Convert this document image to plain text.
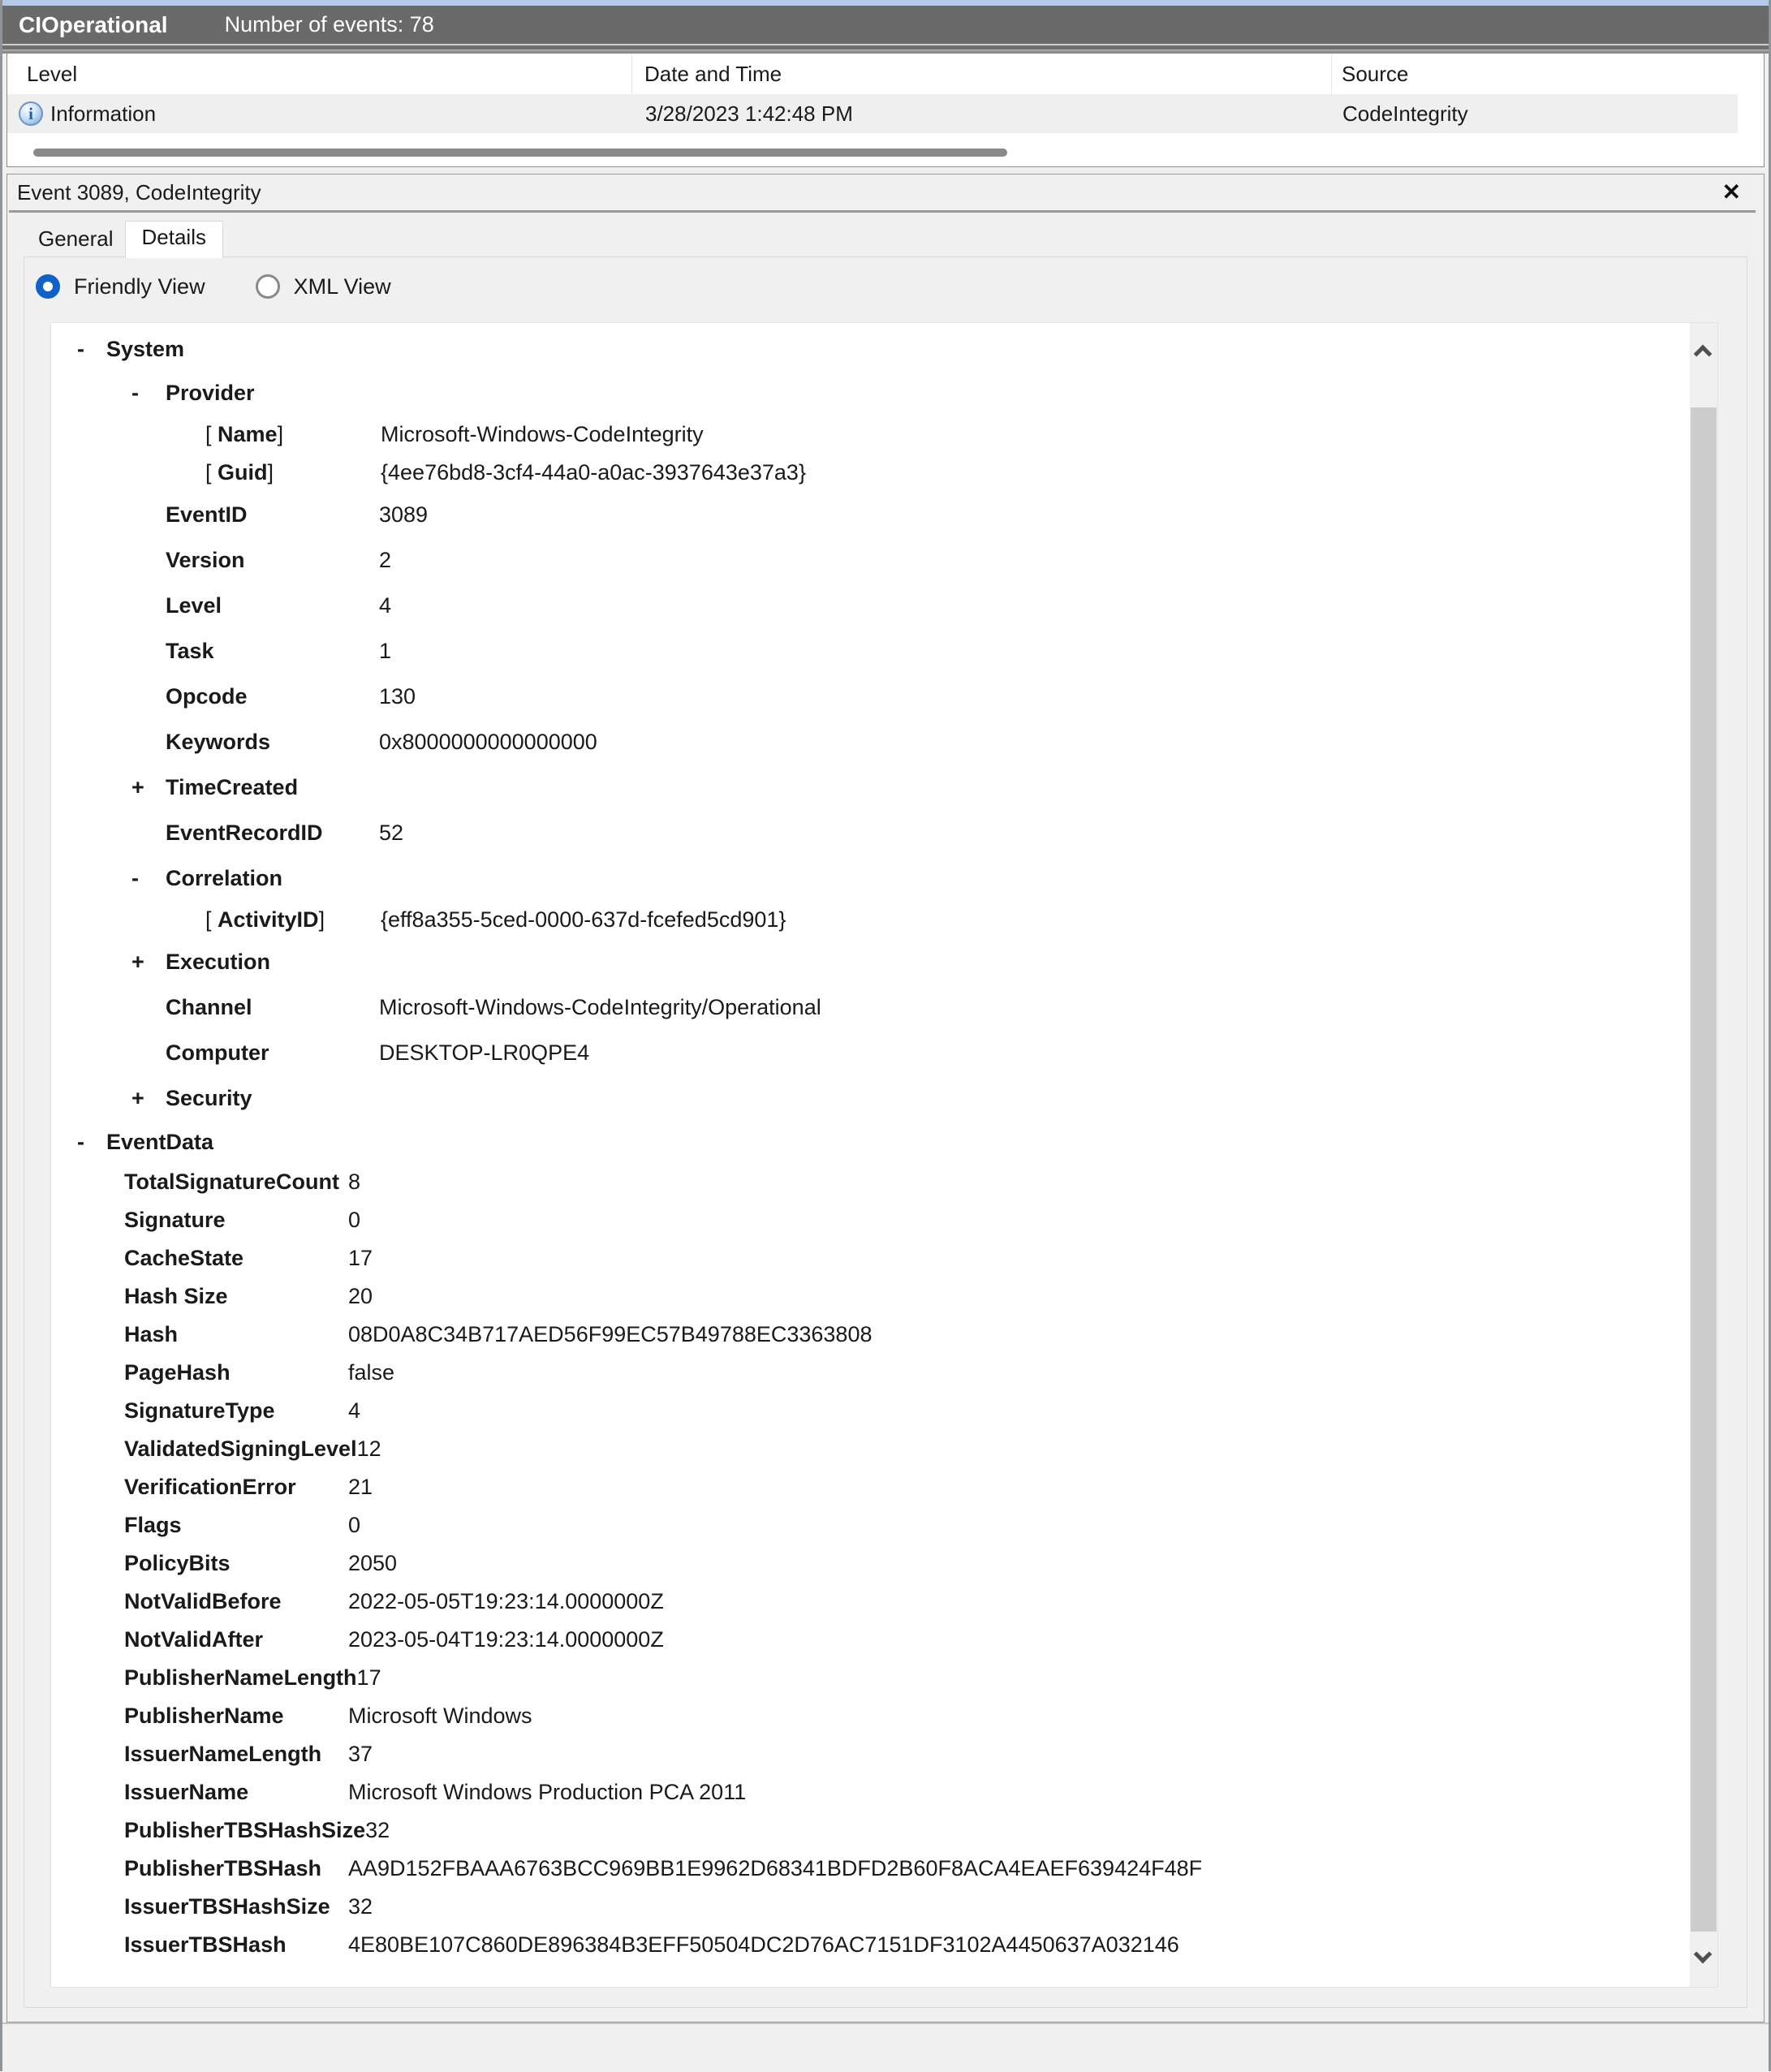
CIOperational	Number of events: 78
Level	Date and Time	Source
i Information	3/28/2023 1:42:48 PM	CodeIntegrity
Event 3089, CodeIntegrity	✕
General	Details
Friendly View	XML View
-	System
-	Provider
[ Name]	Microsoft-Windows-CodeIntegrity
[ Guid]	{4ee76bd8-3cf4-44a0-a0ac-3937643e37a3}
EventID	3089
Version	2
Level	4
Task	1
Opcode	130
Keywords	0x8000000000000000
+ TimeCreated
EventRecordID	52
-	Correlation
[ ActivityID]	{eff8a355-5ced-0000-637d-fcefed5cd901}
+ Execution
Channel	Microsoft-Windows-CodeIntegrity/Operational
Computer	DESKTOP-LR0QPE4
+ Security
-	EventData
TotalSignatureCount 8
Signature	0
CacheState	17
Hash Size	20
Hash	08D0A8C34B717AED56F99EC57B49788EC3363808
PageHash	false
SignatureType	4
ValidatedSigningLevel 12
VerificationError	21
Flags	0
PolicyBits	2050
NotValidBefore	2022-05-05T19:23:14.0000000Z
NotValidAfter	2023-05-04T19:23:14.0000000Z
PublisherNameLength 17
PublisherName	Microsoft Windows
IssuerNameLength	37
IssuerName	Microsoft Windows Production PCA 2011
PublisherTBSHashSize 32
PublisherTBSHash	AA9D152FBAAA6763BCC969BB1E9962D68341BDFD2B60F8ACA4EAEF639424F48F
IssuerTBSHashSize 32
IssuerTBSHash	4E80BE107C860DE896384B3EFF50504DC2D76AC7151DF3102A4450637A032146
